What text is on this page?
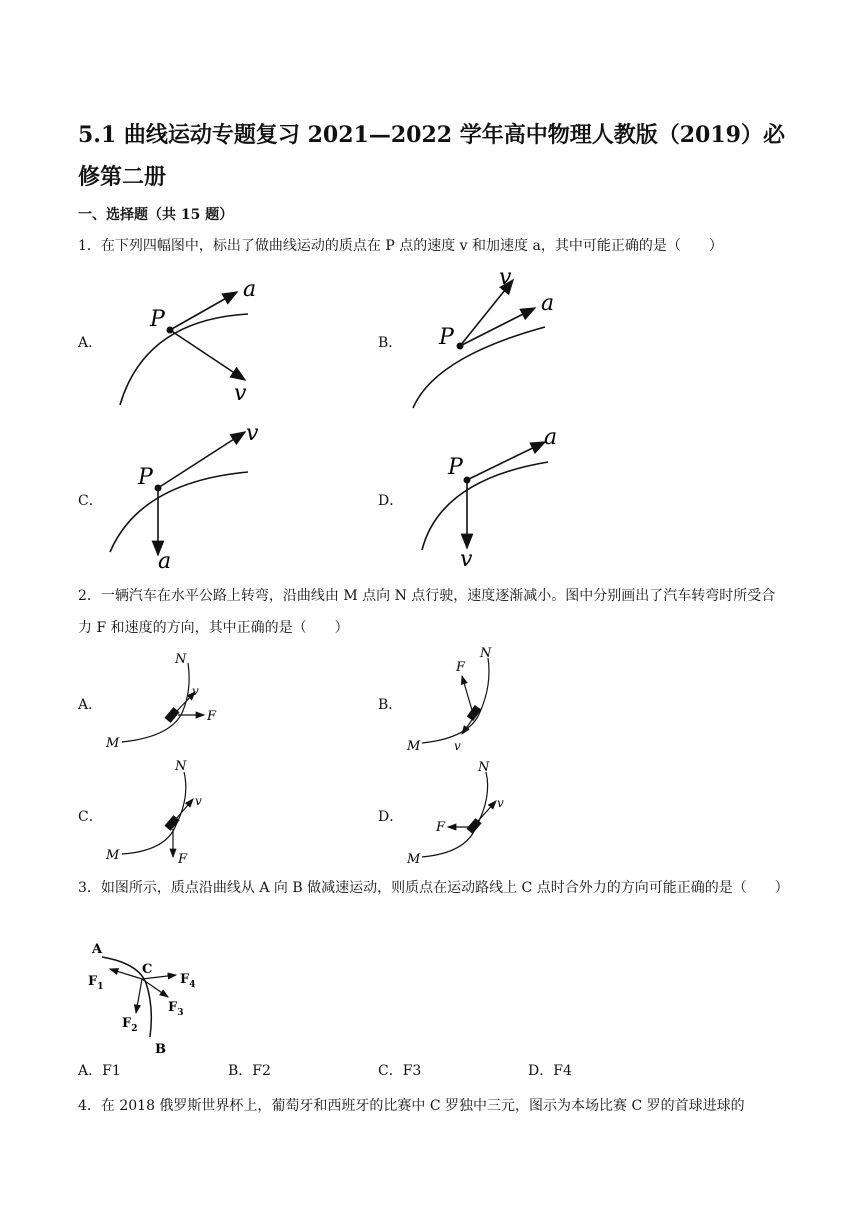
5.1 曲线运动专题复习 2021—2022 学年高中物理人教版（2019）必修第二册
一、选择题（共 15 题）
1．在下列四幅图中，标出了做曲线运动的质点在 P 点的速度 v 和加速度 a，其中可能正确的是（　　）
A．
P
a
v
B． P
v
a
C．
P
v
a
D．
P
a
v
2．一辆汽车在水平公路上转弯，沿曲线由 M 点向 N 点行驶，速度逐渐减小。图中分别画出了汽车转弯时所受合力 F 和速度的方向，其中正确的是（　　）
A．
M
N
v
F
B．
M
N
F
v
C．
M
N
v
F
D．
M
N
v
F
3．如图所示，质点沿曲线从 A 向 B 做减速运动，则质点在运动路线上 C 点时合外力的方向可能正确的是（　　）
A
C
B
$F_1$
$F_2$
$F_3$
$F_4$
A．F1	B．F2	C．F3	D．F4
4．在 2018 俄罗斯世界杯上，葡萄牙和西班牙的比赛中 C 罗独中三元，图示为本场比赛 C 罗的首球进球的
